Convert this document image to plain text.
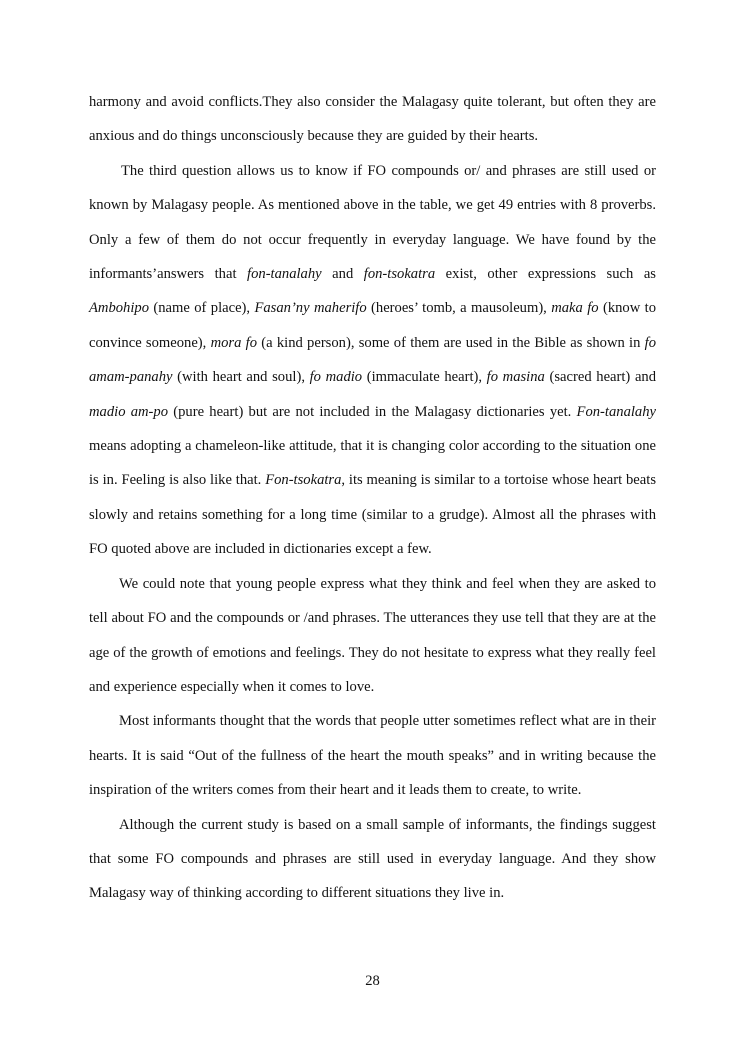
harmony and avoid conflicts.They also consider the Malagasy quite tolerant, but often they are anxious and do things unconsciously because they are guided by their hearts.

The third question allows us to know if FO compounds or/ and phrases are still used or known by Malagasy people. As mentioned above in the table, we get 49 entries with 8 proverbs. Only a few of them do not occur frequently in everyday language. We have found by the informants’answers that fon-tanalahy and fon-tsokatra exist, other expressions such as Ambohipo (name of place), Fasan’ny maherifo (heroes’ tomb, a mausoleum), maka fo (know to convince someone), mora fo (a kind person), some of them are used in the Bible as shown in fo amam-panahy (with heart and soul), fo madio (immaculate heart), fo masina (sacred heart) and madio am-po (pure heart) but are not included in the Malagasy dictionaries yet. Fon-tanalahy means adopting a chameleon-like attitude, that it is changing color according to the situation one is in. Feeling is also like that. Fon-tsokatra, its meaning is similar to a tortoise whose heart beats slowly and retains something for a long time (similar to a grudge). Almost all the phrases with FO quoted above are included in dictionaries except a few.

We could note that young people express what they think and feel when they are asked to tell about FO and the compounds or /and phrases. The utterances they use tell that they are at the age of the growth of emotions and feelings. They do not hesitate to express what they really feel and experience especially when it comes to love.

Most informants thought that the words that people utter sometimes reflect what are in their hearts. It is said “Out of the fullness of the heart the mouth speaks” and in writing because the inspiration of the writers comes from their heart and it leads them to create, to write.

Although the current study is based on a small sample of informants, the findings suggest that some FO compounds and phrases are still used in everyday language. And they show Malagasy way of thinking according to different situations they live in.

28
